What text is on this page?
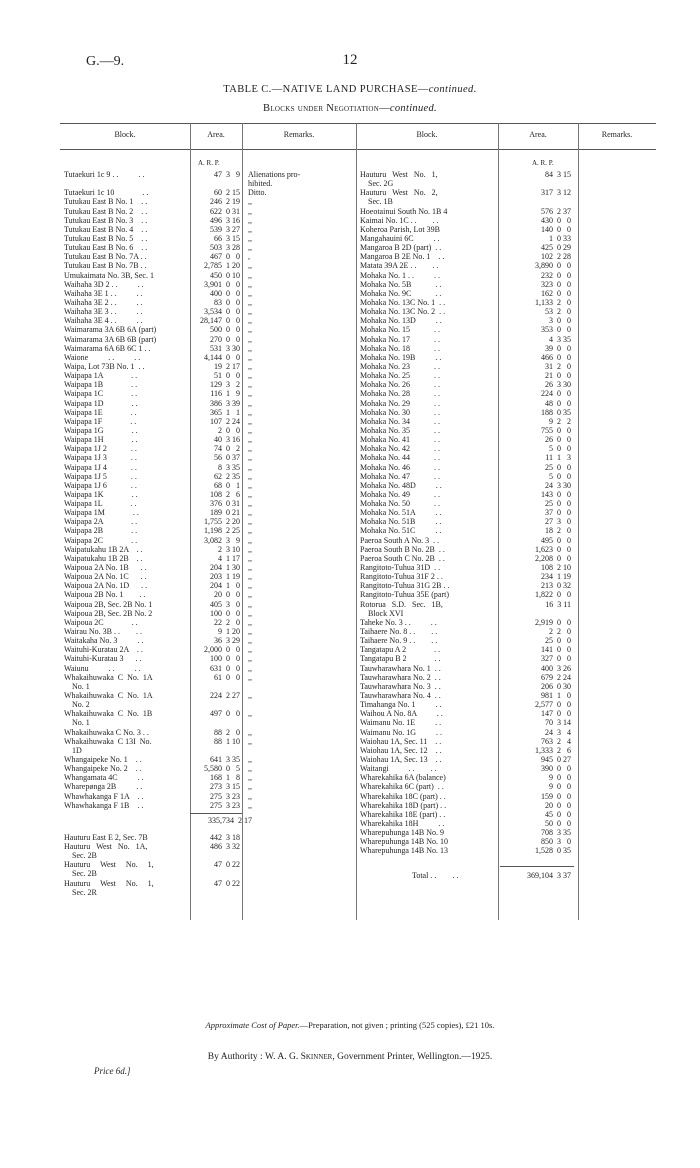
G.—9.	12
TABLE C.—NATIVE LAND PURCHASE—continued.
Blocks under Negotiation—continued.
Block.	Area.	Remarks.	Block.	Area.	Remarks.
A. R. P.	A. R. P.
Tutaekuri 1c 9 . .          . .	47  3   9 Alienations pro-
hibited.
Tutaekuri 1c 10              . .	60  2 15 Ditto.
Tutukau East B No. 1    . .	246  2 19 ,,
Tutukau East B No. 2    . .	622  0 31 ,,
Tutukau East B No. 3    . .	496  3 16 ,,
Tutukau East B No. 4    . .	539  3 27 ,,
Tutukau East B No. 5    . .	66  3 15 ,,
Tutukau East B No. 6    . .	503  3 28 ,,
Tutukau East B No. 7A . .	467  0   0 ,
Tutukau East B No. 7B . .	2,785  1 20 ,,
Umukaimata No. 3B, Sec. 1	450  0 10 ,,
Waihaha 3D 2 . .          . .	3,901  0   0 ,,
Waihaha 3E 1 . .          . .	400  0   0 ,,
Waihaha 3E 2 . .          . .	83  0   0 ,,
Waihaha 3E 3 . .          . .	3,534  0   0 ,,
Waihaha 3E 4 . .          . .	28,147  0   0 ,,
Waimarama 3A 6B 6A (part)	500  0   0 ,,
Waimarama 3A 6B 6B (part)	270  0   0 ,,
Waimarama 6A 6B 6C 1 . .	531  3 30 ,,
Waione          . .          . .	4,144  0   0 ,,
Waipa, Lot 73B No. 1  . .	19  2 17 ,,
Waipapa 1A              . .	51  0   0 ,,
Waipapa 1B              . .	129  3   2 ,,
Waipapa 1C              . .	116  1   9 ,,
Waipapa 1D              . .	386  3 39 ,,
Waipapa 1E              . .	365  1   1 ,,
Waipapa 1F              . .	107  2 24 ,,
Waipapa 1G              . .	2  0   0 ,,
Waipapa 1H              . .	40  3 16 ,,
Waipapa 1J 2            . .	74  0   2 ,,
Waipapa 1J 3            . .	56  0 37 ,,
Waipapa 1J 4            . .	8  3 35 ,,
Waipapa 1J 5            . .	62  2 35 ,,
Waipapa 1J 6            . .	68  0   1 ,,
Waipapa 1K              . .	108  2   6 ,,
Waipapa 1L              . .	376  0 31 ,,
Waipapa 1M              . .	189  0 21 ,,
Waipapa 2A              . .	1,755  2 20 ,,
Waipapa 2B              . .	1,198  2 25 ,,
Waipapa 2C              . .	3,082  3   9 ,,
Waipatukahu 1B 2A    . .	2  3 10 ,,
Waipatukahu 1B 2B    . .	4  1 17 ,,
Waipoua 2A No. 1B      . .	204  1 30 ,,
Waipoua 2A No. 1C      . .	203  1 19 ,,
Waipoua 2A No. 1D      . .	204  1   0 ,,
Waipoua 2B No. 1        . .	20  0   0 ,,
Waipoua 2B, Sec. 2B No. 1	405  3   0 ,,
Waipoua 2B, Sec. 2B No. 2	100  0   0 ,,
Waipoua 2C              . .	22  2   0 ,,
Wairau No. 3B . .        . .	9  1 20 ,,
Waitakaha No. 3          . .	36  3 29 ,,
Waituhi-Kuratau 2A    . .	2,000  0   0 ,,
Waituhi-Kuratau 3      . .	100  0   0 ,,
Waiunu          . .          . .	631  0   0 ,,
Whakaihuwaka  C  No.  1A	61  0   0 ,,
No. 1
Whakaihuwaka  C  No.  1A	224  2 27 ,,
No. 2
Whakaihuwaka  C  No.  1B	497  0   0 ,,
No. 1
Whakaihuwaka C No. 3 . .	88  2   0 ,,
Whakaihuwaka  C 13I  No.	88  1 10 ,,
1D
Whangaipeke No. 1    . .	641  3 35 ,,
Whangaipeke No. 2    . .	5,580  0   5 ,,
Whangamata 4C          . .	168  1   8 ,,
Wharepønga 2B          . .	273  3 15 ,,
Whawhakanga F 1A    . .	275  3 23 ,,
Whawhakanga F 1B    . .	275  3 23 ,,
335,734  2 17
Hauturu East E 2, Sec. 7B	442  3 18
Hauturu   West   No.   1A,	486  3 32
Sec. 2B
Hauturu     West     No.     1,	47  0 22
Sec. 2B
Hauturu     West     No.     1,	47  0 22
Sec. 2R
Hauturu   West   No.   1,	84  3 15
Sec. 2G
Hauturu   West   No.   2,	317  3 12
Sec. 1B
Hoeotainui South No. 1B 4	576  2 37
Kaimai No. 1C . .        . .	430  0   0
Koheroa Parish, Lot 39B	140  0   0
Mangahauini 6C          . .	1  0 33
Mangaroa B 2D (part)  . .	425  0 29
Mangaroa B 2E No. 1    . .	102  2 28
Matata 39A 2E . .        . .	3,890  0   0
Mohaka No. 1 . .          . .	232  0   0
Mohaka No. 5B            . .	323  0   0
Mohaka No. 9C            . .	162  0   0
Mohaka No. 13C No. 1  . .	1,133  2   0
Mohaka No. 13C No. 2  . .	53  2   0
Mohaka No. 13D          . .	3  0   0
Mohaka No. 15            . .	353  0   0
Mohaka No. 17            . .	4  3 35
Mohaka No. 18            . .	39  0   0
Mohaka No. 19B          . .	466  0   0
Mohaka No. 23            . .	31  2   0
Mohaka No. 25            . .	21  0   0
Mohaka No. 26            . .	26  3 30
Mohaka No. 28            . .	224  0   0
Mohaka No. 29            . .	48  0   0
Mohaka No. 30            . .	188  0 35
Mohaka No. 34            . .	9  2   2
Mohaka No. 35            . .	755  0   0
Mohaka No. 41            . .	26  0   0
Mohaka No. 42            . .	5  0   0
Mohaka No. 44            . .	11  1   3
Mohaka No. 46            . .	25  0   0
Mohaka No. 47            . .	5  0   0
Mohaka No. 48D          . .	24  3 30
Mohaka No. 49            . .	143  0   0
Mohaka No. 50            . .	25  0   0
Mohaka No. 51A          . .	37  0   0
Mohaka No. 51B          . .	27  3   0
Mohaka No. 51C          . .	18  2   0
Paeroa South A No. 3  . .	495  0   0
Paeroa South B No. 2B  . .	1,623  0   0
Paeroa South C No. 2B  . .	2,208  0   0
Rangitoto-Tuhua 31D  . .	108  2 10
Rangitoto-Tuhua 31F 2 . .	234  1 19
Rangitoto-Tuhua 31G 2B . .	213  0 32
Rangitoto-Tuhua 35E (part)	1,822  0   0
Rotorua   S.D.   Sec.   1B,	16  3 11
Block XVI
Taheke No. 3 . .          . .	2,919  0   0
Taihaere No. 8 . .        . .	2  2   0
Taihaere No. 9 . .        . .	25  0   0
Tangatapu A 2              . .	141  0   0
Tangatapu B 2              . .	327  0   0
Tauwharawhara No. 1  . .	400  3 26
Tauwharawhara No. 2  . .	679  2 24
Tauwharawhara No. 3  . .	206  0 30
Tauwharawhara No. 4  . .	981  1   0
Timahanga No. 1          . .	2,577  0   0
Waihou A No. 8A          . .	147  0   0
Waimanu No. 1E          . .	70  3 14
Waimanu No. 1G          . .	24  3   4
Waiohau 1A, Sec. 11    . .	763  2   4
Waiohau 1A, Sec. 12    . .	1,333  2   6
Waiohau 1A, Sec. 13    . .	945  0 27
Waitangi          . .        . .	390  0   0
Wharekahika 6A (balance)	9  0   0
Wharekahika 6C (part)  . .	9  0   0
Wharekahika 18C (part) . .	159  0   0
Wharekahika 18D (part) . .	20  0   0
Wharekahika 18E (part) . .	45  0   0
Wharekahika 18H          . .	50  0   0
Wharepuhunga 14B No. 9	708  3 35
Wharepuhunga 14B No. 10	850  3   0
Wharepuhunga 14B No. 13	1,528  0 35
Total . .        . .	369,104  3 37
Approximate Cost of Paper.—Preparation, not given ; printing (525 copies), £21 10s.
By Authority : W. A. G. Skinner, Government Printer, Wellington.—1925.
Price 6d.]
